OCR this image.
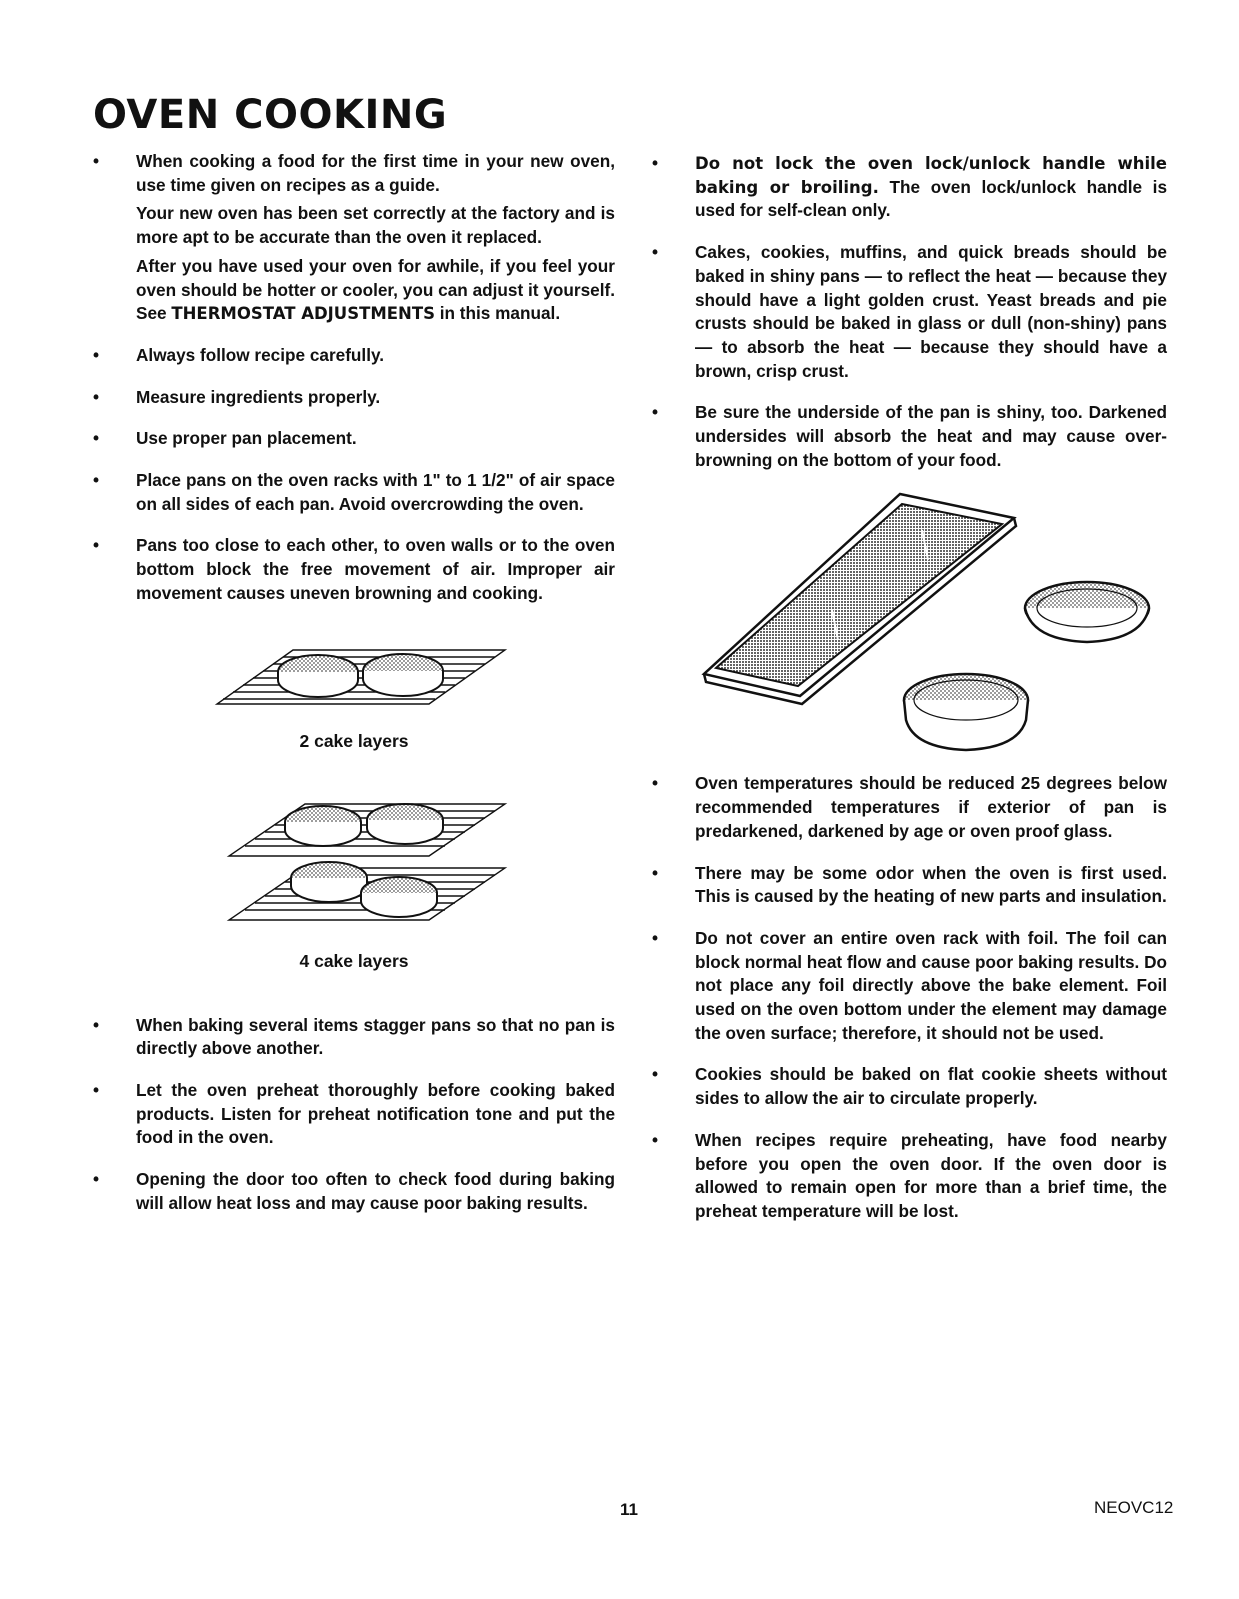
OVEN COOKING
• When cooking a food for the first time in your new oven, use time given on recipes as a guide.

Your new oven has been set correctly at the factory and is more apt to be accurate than the oven it replaced.

After you have used your oven for awhile, if you feel your oven should be hotter or cooler, you can adjust it yourself. See THERMOSTAT ADJUSTMENTS in this manual.

• Always follow recipe carefully.

• Measure ingredients properly.

• Use proper pan placement.

• Place pans on the oven racks with 1" to 1 1/2" of air space on all sides of each pan. Avoid overcrowding the oven.

• Pans too close to each other, to oven walls or to the oven bottom block the free movement of air. Improper air movement causes uneven browning and cooking.

2 cake layers
4 cake layers
• When baking several items stagger pans so that no pan is directly above another.

• Let the oven preheat thoroughly before cooking baked products. Listen for preheat notification tone and put the food in the oven.

• Opening the door too often to check food during baking will allow heat loss and may cause poor baking results.

• Do not lock the oven lock/unlock handle while baking or broiling. The oven lock/unlock handle is used for self-clean only.

• Cakes, cookies, muffins, and quick breads should be baked in shiny pans — to reflect the heat — because they should have a light golden crust. Yeast breads and pie crusts should be baked in glass or dull (non-shiny) pans — to absorb the heat — because they should have a brown, crisp crust.

• Be sure the underside of the pan is shiny, too. Darkened undersides will absorb the heat and may cause over-browning on the bottom of your food.

• Oven temperatures should be reduced 25 degrees below recommended temperatures if exterior of pan is predarkened, darkened by age or oven proof glass.

• There may be some odor when the oven is first used. This is caused by the heating of new parts and insulation.

• Do not cover an entire oven rack with foil. The foil can block normal heat flow and cause poor baking results. Do not place any foil directly above the bake element. Foil used on the oven bottom under the element may damage the oven surface; therefore, it should not be used.

• Cookies should be baked on flat cookie sheets without sides to allow the air to circulate properly.

• When recipes require preheating, have food nearby before you open the oven door. If the oven door is allowed to remain open for more than a brief time, the preheat temperature will be lost.

11	NEOVC12
